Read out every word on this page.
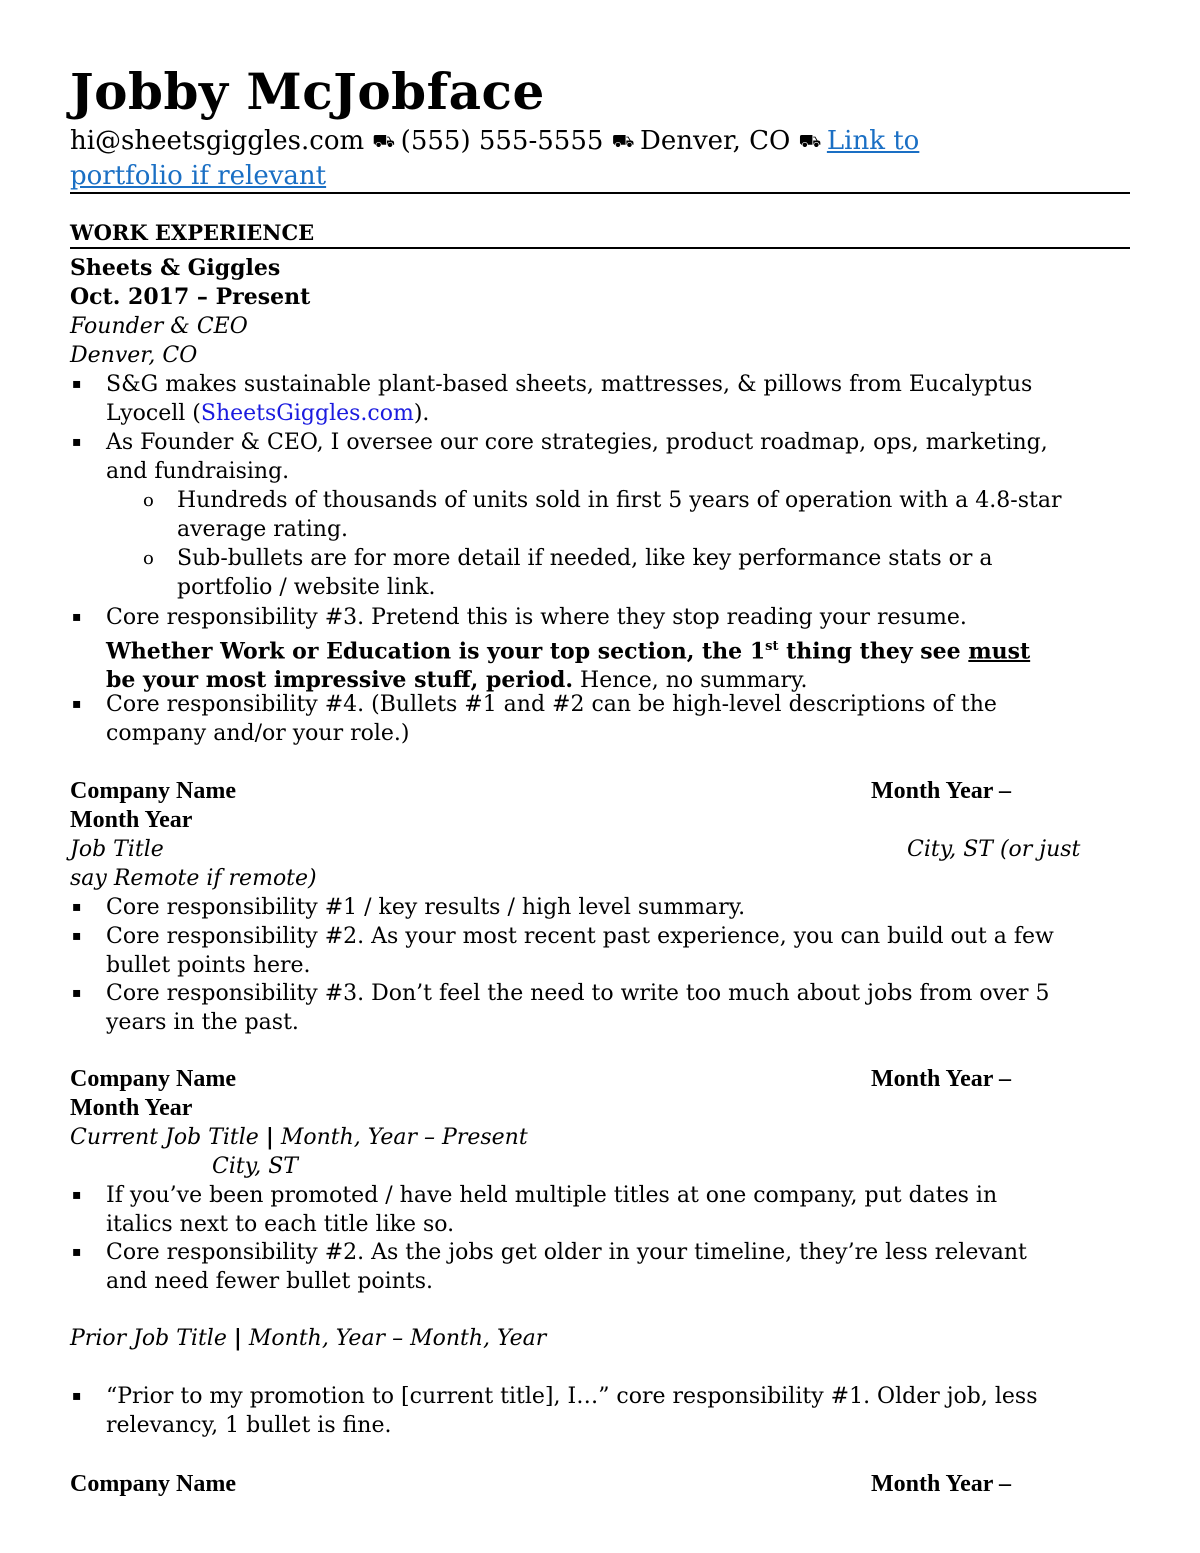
Jobby McJobface
hi@sheetsgiggles.com ⛟ (555) 555-5555 ⛟ Denver, CO ⛟ Link to
portfolio if relevant
WORK EXPERIENCE
Sheets & Giggles
Oct. 2017 – Present
Founder & CEO
Denver, CO
▪ S&G makes sustainable plant-based sheets, mattresses, & pillows from Eucalyptus
Lyocell (SheetsGiggles.com).
▪ As Founder & CEO, I oversee our core strategies, product roadmap, ops, marketing,
and fundraising.
o Hundreds of thousands of units sold in first 5 years of operation with a 4.8-star
average rating.
o Sub-bullets are for more detail if needed, like key performance stats or a
portfolio / website link.
▪ Core responsibility #3. Pretend this is where they stop reading your resume.
Whether Work or Education is your top section, the 1st thing they see must
be your most impressive stuff, period. Hence, no summary.
▪ Core responsibility #4. (Bullets #1 and #2 can be high-level descriptions of the
company and/or your role.)
Company Name	Month Year –
Month Year
Job Title	City, ST (or just
say Remote if remote)
▪ Core responsibility #1 / key results / high level summary.
▪ Core responsibility #2. As your most recent past experience, you can build out a few
bullet points here.
▪ Core responsibility #3. Don’t feel the need to write too much about jobs from over 5
years in the past.
Company Name	Month Year –
Month Year
Current Job Title | Month, Year – Present
City, ST
▪ If you’ve been promoted / have held multiple titles at one company, put dates in
italics next to each title like so.
▪ Core responsibility #2. As the jobs get older in your timeline, they’re less relevant
and need fewer bullet points.
Prior Job Title | Month, Year – Month, Year
▪ “Prior to my promotion to [current title], I…” core responsibility #1. Older job, less
relevancy, 1 bullet is fine.
Company Name	Month Year –
